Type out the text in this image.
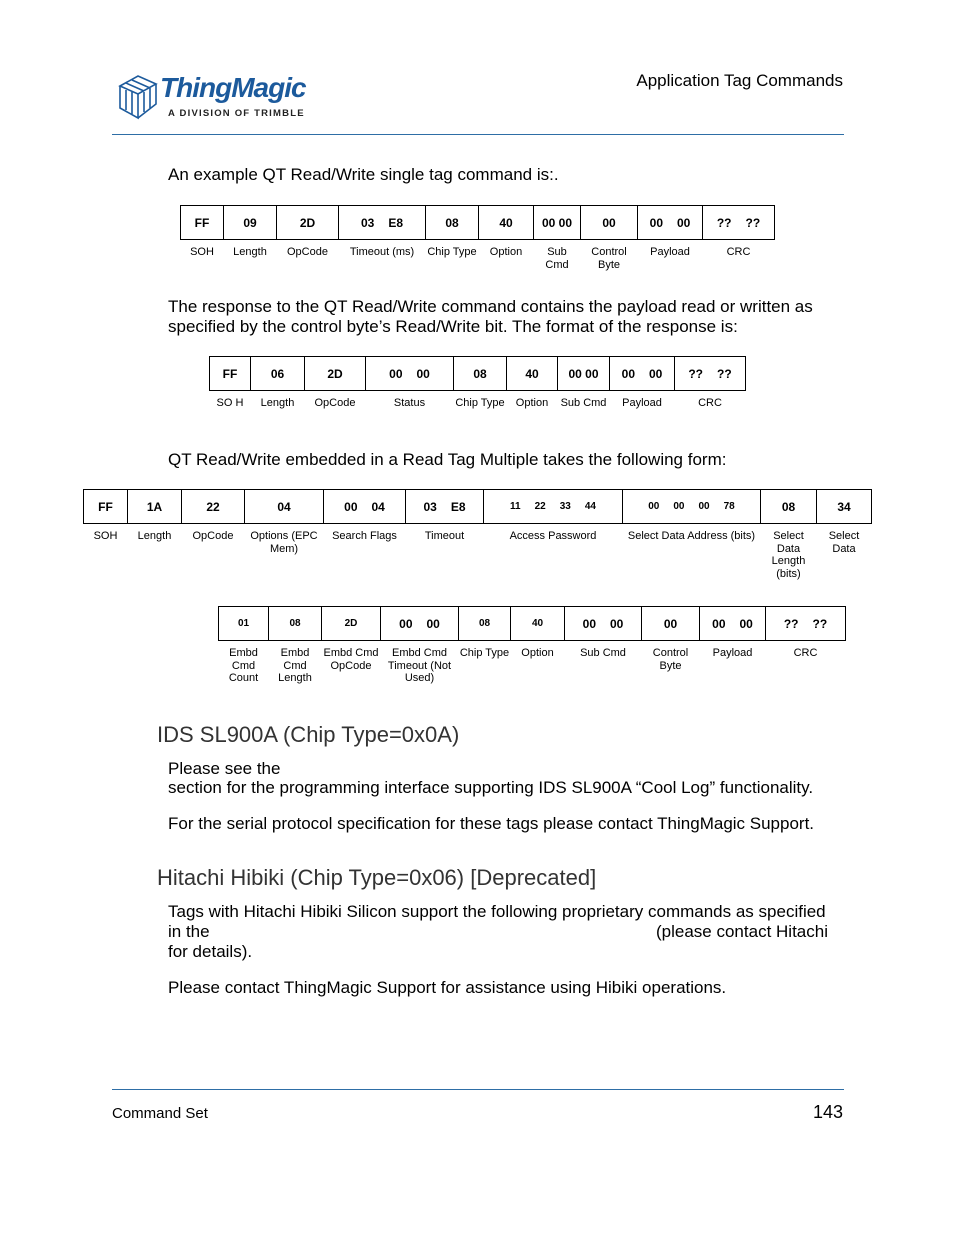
ThingMagic
A DIVISION OF TRIMBLE
Application Tag Commands
An example QT Read/Write single tag command is:.
FF	09	2D	03 E8	08	40	00 00	00	00 00	?? ??
SOH	Length	OpCode	Timeout (ms)	Chip Type	Option	Sub Cmd	Control Byte	Payload	CRC
The response to the QT Read/Write command contains the payload read or written as specified by the control byte’s Read/Write bit. The format of the response is:
FF	06	2D	00 00	08	40	00 00	00 00	?? ??
SO H	Length	OpCode	Status	Chip Type	Option	Sub Cmd	Payload	CRC
QT Read/Write embedded in a Read Tag Multiple takes the following form:
FF	1A	22	04	00 04	03 E8	11 22 33 44	00 00 00 78	08	34
SOH	Length	OpCode	Options (EPC Mem)	Search Flags	Timeout	Access Password	Select Data Address (bits)	Select Data Length (bits)	Select Data
01	08	2D	00 00	08	40	00 00	00	00 00	?? ??
Embd Cmd Count	Embd Cmd Length	Embd Cmd OpCode	Embd Cmd Timeout (Not Used)	Chip Type	Option	Sub Cmd	Control Byte	Payload	CRC
IDS SL900A (Chip Type=0x0A)
Please see the
section for the programming interface supporting IDS SL900A “Cool Log” functionality.
For the serial protocol specification for these tags please contact ThingMagic Support.
Hitachi Hibiki (Chip Type=0x06) [Deprecated]
Tags with Hitachi Hibiki Silicon support the following proprietary commands as specified
in the	(please contact Hitachi
for details).
Please contact ThingMagic Support for assistance using Hibiki operations.
Command Set	143
